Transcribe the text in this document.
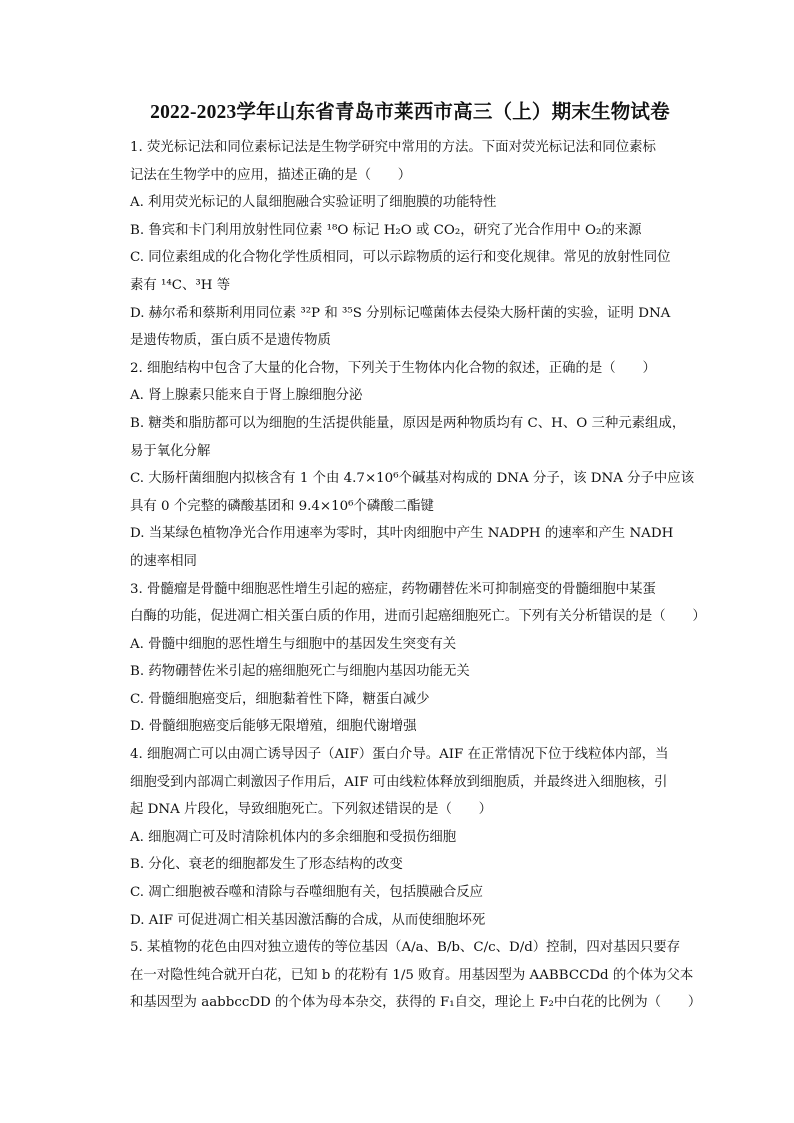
2022-2023学年山东省青岛市莱西市高三（上）期末生物试卷
1. 荧光标记法和同位素标记法是生物学研究中常用的方法。下面对荧光标记法和同位素标
记法在生物学中的应用，描述正确的是（　　）
A. 利用荧光标记的人鼠细胞融合实验证明了细胞膜的功能特性
B. 鲁宾和卡门利用放射性同位素 ¹⁸O 标记 H₂O 或 CO₂，研究了光合作用中 O₂的来源
C. 同位素组成的化合物化学性质相同，可以示踪物质的运行和变化规律。常见的放射性同位
素有 ¹⁴C、³H 等
D. 赫尔希和蔡斯利用同位素 ³²P 和 ³⁵S 分别标记噬菌体去侵染大肠杆菌的实验，证明 DNA
是遗传物质，蛋白质不是遗传物质
2. 细胞结构中包含了大量的化合物，下列关于生物体内化合物的叙述，正确的是（　　）
A. 肾上腺素只能来自于肾上腺细胞分泌
B. 糖类和脂肪都可以为细胞的生活提供能量，原因是两种物质均有 C、H、O 三种元素组成，
易于氧化分解
C. 大肠杆菌细胞内拟核含有 1 个由 4.7×10⁶个碱基对构成的 DNA 分子，该 DNA 分子中应该
具有 0 个完整的磷酸基团和 9.4×10⁶个磷酸二酯键
D. 当某绿色植物净光合作用速率为零时，其叶肉细胞中产生 NADPH 的速率和产生 NADH
的速率相同
3. 骨髓瘤是骨髓中细胞恶性增生引起的癌症，药物硼替佐米可抑制癌变的骨髓细胞中某蛋
白酶的功能，促进凋亡相关蛋白质的作用，进而引起癌细胞死亡。下列有关分析错误的是（　　）
A. 骨髓中细胞的恶性增生与细胞中的基因发生突变有关
B. 药物硼替佐米引起的癌细胞死亡与细胞内基因功能无关
C. 骨髓细胞癌变后，细胞黏着性下降，糖蛋白减少
D. 骨髓细胞癌变后能够无限增殖，细胞代谢增强
4. 细胞凋亡可以由凋亡诱导因子（AIF）蛋白介导。AIF 在正常情况下位于线粒体内部，当
细胞受到内部凋亡刺激因子作用后，AIF 可由线粒体释放到细胞质，并最终进入细胞核，引
起 DNA 片段化，导致细胞死亡。下列叙述错误的是（　　）
A. 细胞凋亡可及时清除机体内的多余细胞和受损伤细胞
B. 分化、衰老的细胞都发生了形态结构的改变
C. 凋亡细胞被吞噬和清除与吞噬细胞有关，包括膜融合反应
D. AIF 可促进凋亡相关基因激活酶的合成，从而使细胞坏死
5. 某植物的花色由四对独立遗传的等位基因（A/a、B/b、C/c、D/d）控制，四对基因只要存
在一对隐性纯合就开白花，已知 b 的花粉有 1/5 败育。用基因型为 AABBCCDd 的个体为父本
和基因型为 aabbccDD 的个体为母本杂交，获得的 F₁自交，理论上 F₂中白花的比例为（　　）
